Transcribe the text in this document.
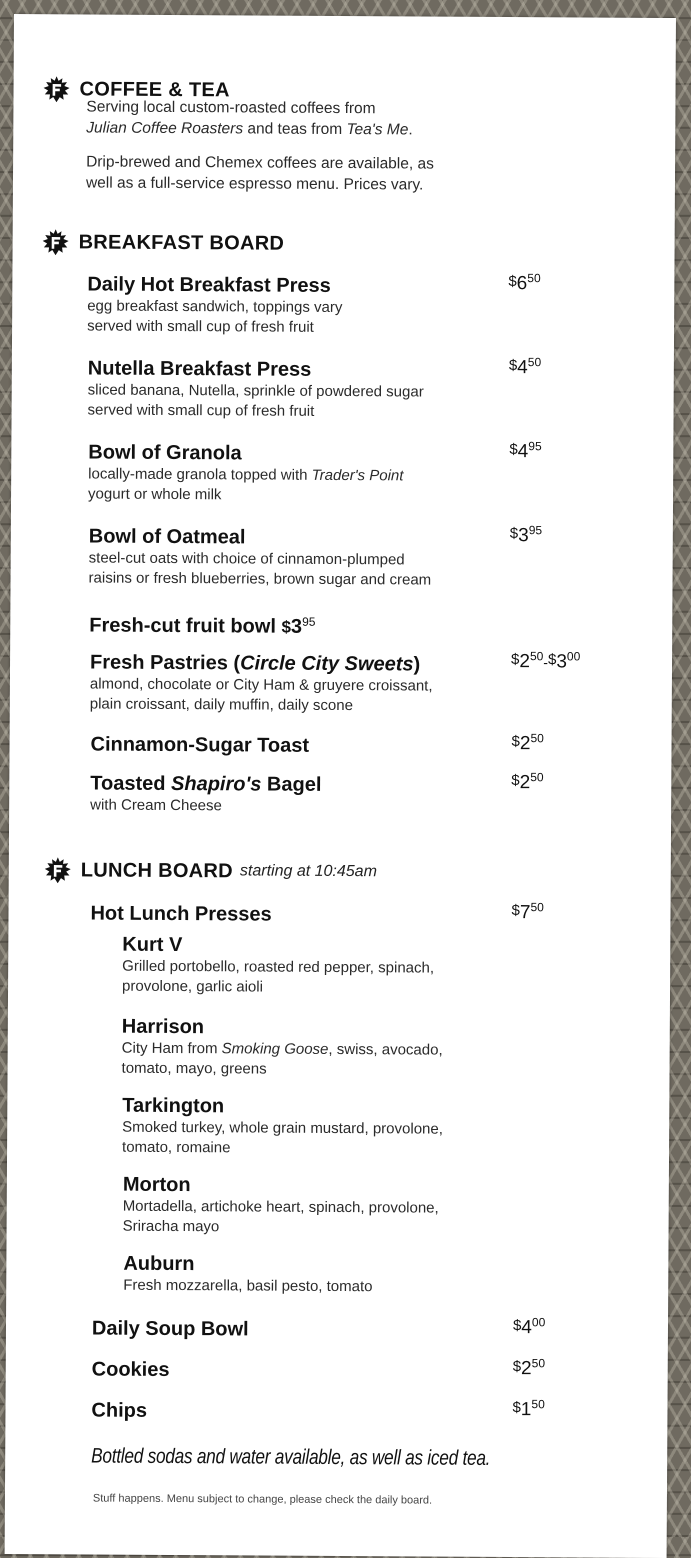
COFFEE & TEA
Serving local custom-roasted coffees from
Julian Coffee Roasters and teas from Tea's Me.
Drip-brewed and Chemex coffees are available, as
well as a full-service espresso menu. Prices vary.
BREAKFAST BOARD
Daily Hot Breakfast Press
egg breakfast sandwich, toppings vary
served with small cup of fresh fruit
$\$6^{50}$
Nutella Breakfast Press
sliced banana, Nutella, sprinkle of powdered sugar
served with small cup of fresh fruit
$\$4^{50}$
Bowl of Granola
locally-made granola topped with Trader's Point
yogurt or whole milk
$\$4^{95}$
Bowl of Oatmeal
steel-cut oats with choice of cinnamon-plumped
raisins or fresh blueberries, brown sugar and cream
$\$3^{95}$
Fresh-cut fruit bowl $\$3^{95}$
Fresh Pastries (Circle City Sweets)
almond, chocolate or City Ham & gruyere croissant,
plain croissant, daily muffin, daily scone
$\$2^{50}-\$3^{00}$
Cinnamon-Sugar Toast	$\$2^{50}$
Toasted Shapiro's Bagel
with Cream Cheese
$\$2^{50}$
LUNCH BOARD starting at 10:45am
Hot Lunch Presses	$\$7^{50}$
Kurt V
Grilled portobello, roasted red pepper, spinach,
provolone, garlic aioli
Harrison
City Ham from Smoking Goose, swiss, avocado,
tomato, mayo, greens
Tarkington
Smoked turkey, whole grain mustard, provolone,
tomato, romaine
Morton
Mortadella, artichoke heart, spinach, provolone,
Sriracha mayo
Auburn
Fresh mozzarella, basil pesto, tomato
Daily Soup Bowl	$\$4^{00}$
Cookies	$\$2^{50}$
Chips	$\$1^{50}$
Bottled sodas and water available, as well as iced tea.
Stuff happens. Menu subject to change, please check the daily board.
